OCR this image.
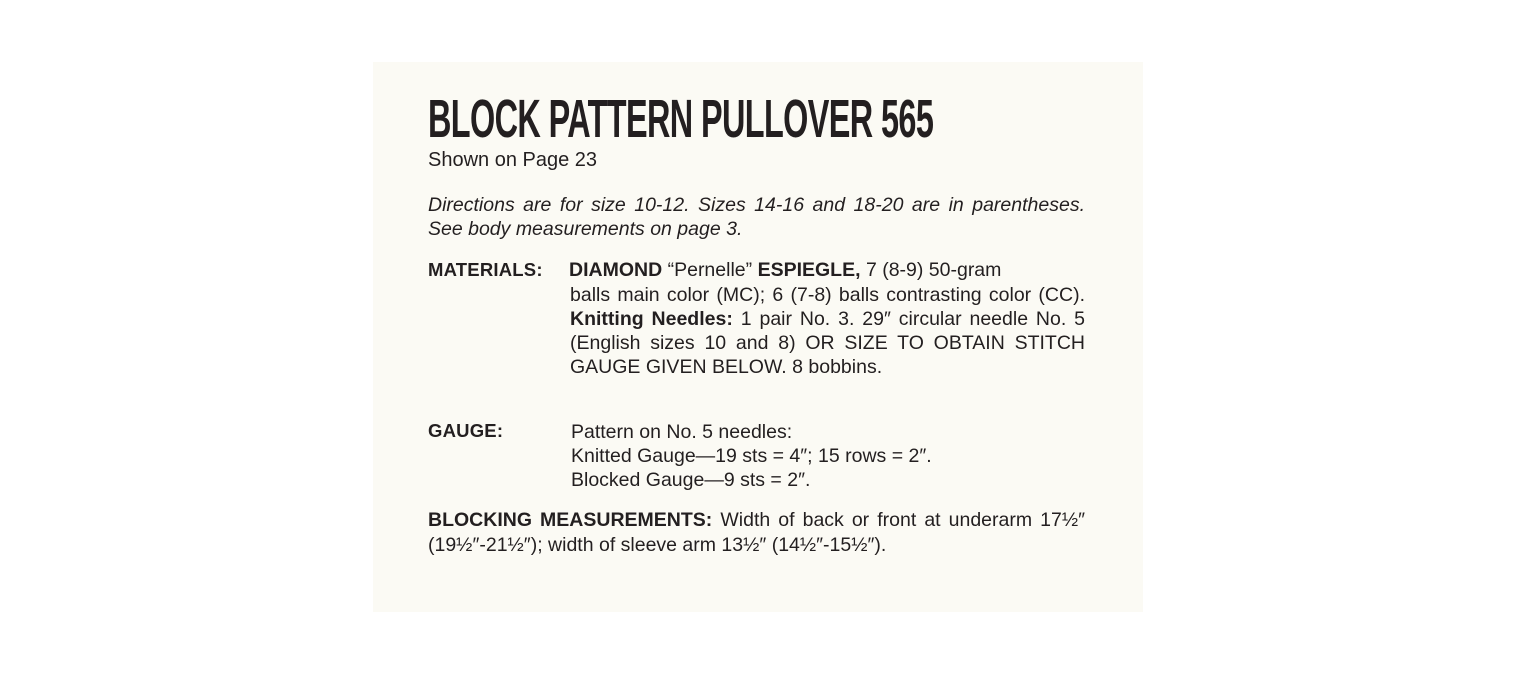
BLOCK PATTERN PULLOVER 565
Shown on Page 23
Directions are for size 10-12. Sizes 14-16 and 18-20 are in parentheses. See body measurements on page 3.
MATERIALS: DIAMOND “Pernelle” ESPIEGLE, 7 (8-9) 50-gram
balls main color (MC); 6 (7-8) balls contrasting color (CC). Knitting Needles: 1 pair No. 3. 29″ circular needle No. 5 (English sizes 10 and 8) OR SIZE TO OBTAIN STITCH GAUGE GIVEN BELOW. 8 bobbins.
GAUGE:	Pattern on No. 5 needles:
Knitted Gauge—19 sts = 4″; 15 rows = 2″.
Blocked Gauge—9 sts = 2″.
BLOCKING MEASUREMENTS: Width of back or front at underarm 17½″ (19½″-21½″); width of sleeve arm 13½″ (14½″-15½″).
